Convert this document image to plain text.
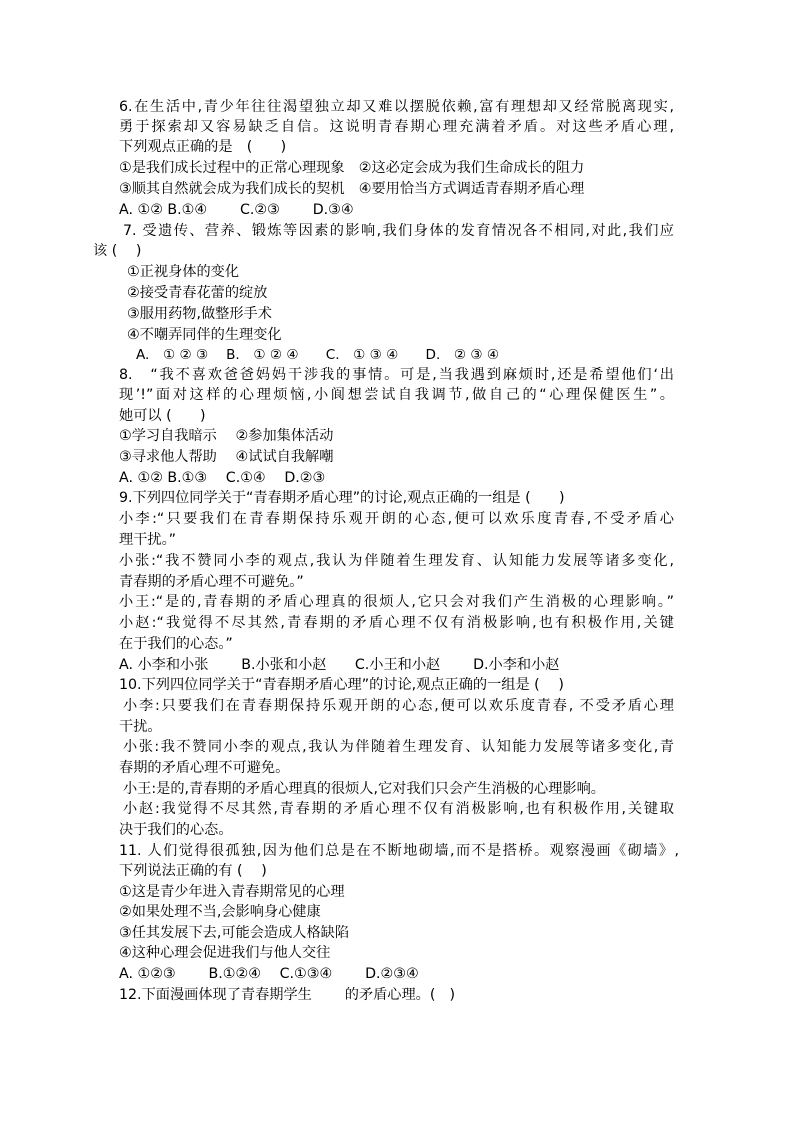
6.在生活中,青少年往往渴望独立却又难以摆脱依赖,富有理想却又经常脱离现实,
勇于探索却又容易缺乏自信。这说明青春期心理充满着矛盾。对这些矛盾心理,
下列观点正确的是　(　　)
①是我们成长过程中的正常心理现象　②这必定会成为我们生命成长的阻力
③顺其自然就会成为我们成长的契机　④要用恰当方式调适青春期矛盾心理
A. ①② B.①④　　 C.②③　　 D.③④
7. 受遗传、营养、锻炼等因素的影响,我们身体的发育情况各不相同,对此,我们应
该 (　 )
①正视身体的变化
②接受青春花蕾的绽放
③服用药物,做整形手术
④不嘲弄同伴的生理变化
A.　① ② ③　 B.　① ② ④　　C.　① ③ ④　　D.　② ③ ④
8.　“我不喜欢爸爸妈妈干涉我的事情。可是,当我遇到麻烦时,还是希望他们‘出
现’!”面对这样的心理烦恼,小阆想尝试自我调节,做自己的“心理保健医生”。
她可以 (　　)
①学习自我暗示　 ②参加集体活动
③寻求他人帮助　 ④试试自我解嘲
A. ①② B.①③　 C.①④　 D.②③
9.下列四位同学关于“青春期矛盾心理”的讨论,观点正确的一组是 (　　)
小李:“只要我们在青春期保持乐观开朗的心态,便可以欢乐度青春,不受矛盾心
理干扰。”
小张:“我不赞同小李的观点,我认为伴随着生理发育、认知能力发展等诸多变化,
青春期的矛盾心理不可避免。”
小王:“是的,青春期的矛盾心理真的很烦人,它只会对我们产生消极的心理影响。”
小赵:“我觉得不尽其然,青春期的矛盾心理不仅有消极影响,也有积极作用,关键
在于我们的心态。”
A. 小李和小张　　 B.小张和小赵　　C.小王和小赵　　 D.小李和小赵
10.下列四位同学关于“青春期矛盾心理”的讨论,观点正确的一组是 (　 )
小李:只要我们在青春期保持乐观开朗的心态,便可以欢乐度青春, 不受矛盾心理
干扰。
小张:我不赞同小李的观点,我认为伴随着生理发育、认知能力发展等诸多变化,青
春期的矛盾心理不可避免。
小王:是的,青春期的矛盾心理真的很烦人,它对我们只会产生消极的心理影响。
小赵:我觉得不尽其然,青春期的矛盾心理不仅有消极影响,也有积极作用,关键取
决于我们的心态。
11. 人们觉得很孤独,因为他们总是在不断地砌墙,而不是搭桥。观察漫画《砌墙》,
下列说法正确的有 (　 )
①这是青少年进入青春期常见的心理
②如果处理不当,会影响身心健康
③任其发展下去,可能会造成人格缺陷
④这种心理会促进我们与他人交往
A. ①②③　　 B.①②④　 C.①③④　　 D.②③④
12.下面漫画体现了青春期学生　　 的矛盾心理。(　)
